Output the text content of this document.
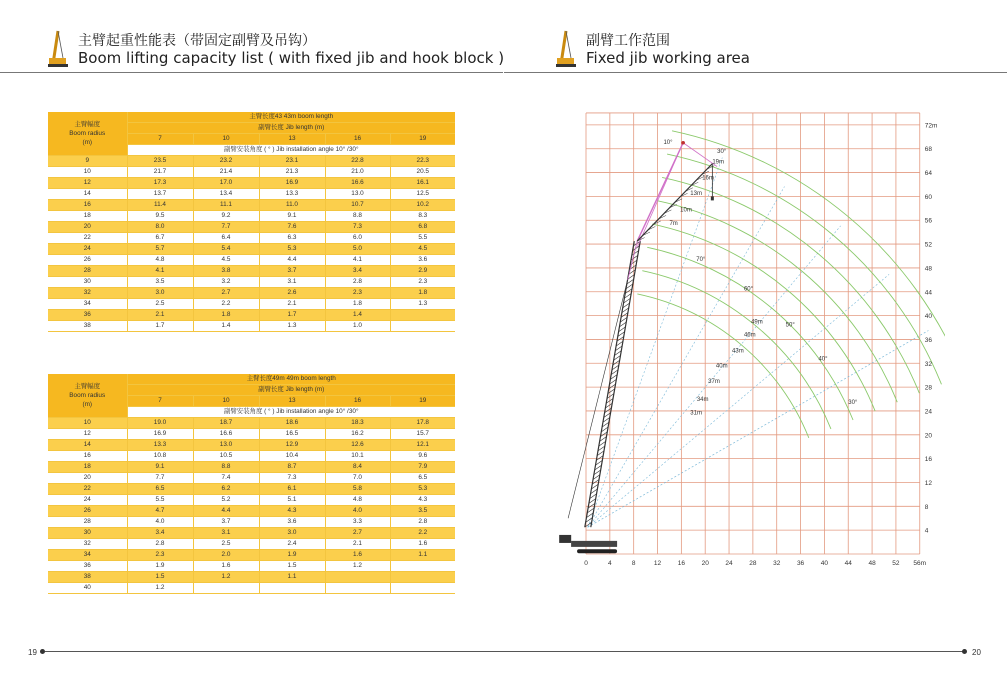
主臂起重性能表（带固定副臂及吊钩）
Boom lifting capacity list ( with fixed jib and hook block )
副臂工作范围
Fixed jib working area
主臂幅度
Boom radius
(m)	主臂长度43 43m boom length				
	副臂长度 Jib length (m)				
	7	10	13	16	19
	副臂安装角度 ( ° ) Jib installation angle 10° /30°				
9	23.5	23.2	23.1	22.8	22.3
10	21.7	21.4	21.3	21.0	20.5
12	17.3	17.0	16.9	16.6	16.1
14	13.7	13.4	13.3	13.0	12.5
16	11.4	11.1	11.0	10.7	10.2
18	9.5	9.2	9.1	8.8	8.3
20	8.0	7.7	7.6	7.3	6.8
22	6.7	6.4	6.3	6.0	5.5
24	5.7	5.4	5.3	5.0	4.5
26	4.8	4.5	4.4	4.1	3.6
28	4.1	3.8	3.7	3.4	2.9
30	3.5	3.2	3.1	2.8	2.3
32	3.0	2.7	2.6	2.3	1.8
34	2.5	2.2	2.1	1.8	1.3
36	2.1	1.8	1.7	1.4	
38	1.7	1.4	1.3	1.0	
主臂幅度
Boom radius
(m)	主臂长度49m 49m boom length				
	副臂长度 Jib length (m)				
	7	10	13	16	19
	副臂安装角度 ( ° ) Jib installation angle 10° /30°				
10	19.0	18.7	18.6	18.3	17.8
12	16.9	16.6	16.5	16.2	15.7
14	13.3	13.0	12.9	12.6	12.1
16	10.8	10.5	10.4	10.1	9.6
18	9.1	8.8	8.7	8.4	7.9
20	7.7	7.4	7.3	7.0	6.5
22	6.5	6.2	6.1	5.8	5.3
24	5.5	5.2	5.1	4.8	4.3
26	4.7	4.4	4.3	4.0	3.5
28	4.0	3.7	3.6	3.3	2.8
30	3.4	3.1	3.0	2.7	2.2
32	2.8	2.5	2.4	2.1	1.6
34	2.3	2.0	1.9	1.6	1.1
36	1.9	1.6	1.5	1.2	
38	1.5	1.2	1.1		
40	1.2				
0	4	8	12	16	20	24	28	32	36	40	44	48	52 56m
4
8
12
16
20
24
28
32
36
40
44
48
52
56
60
64
68
72m
31m
34m
37m
40m
43m
46m
49m
7m
10m
13m
16m
19m
30°
40°
50°
60°
70°
10°
30°
19	20
